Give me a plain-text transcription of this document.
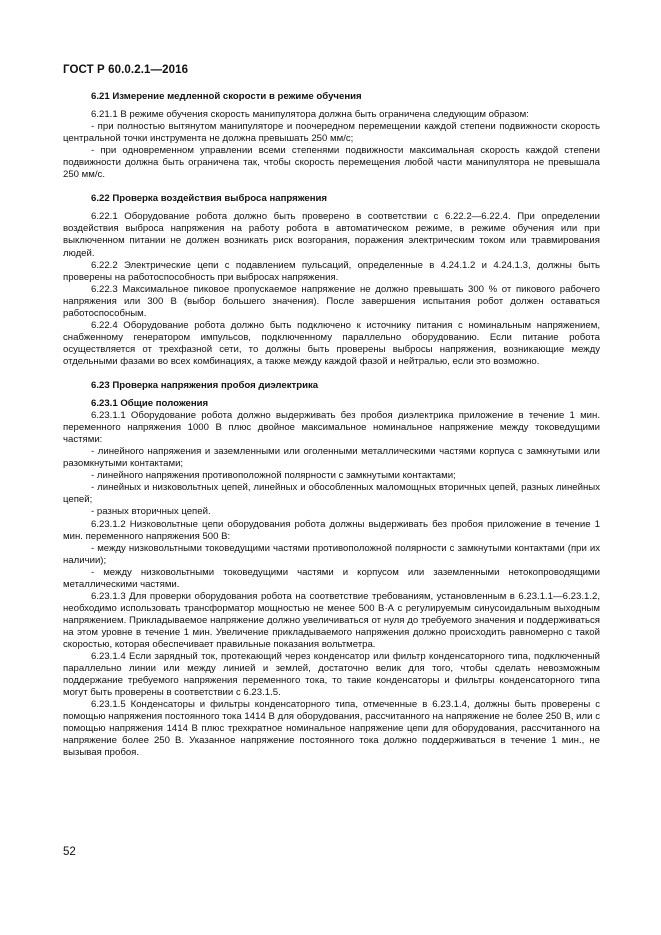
ГОСТ Р 60.0.2.1—2016

6.21 Измерение медленной скорости в режиме обучения

6.21.1 В режиме обучения скорость манипулятора должна быть ограничена следующим образом:

- при полностью вытянутом манипуляторе и поочередном перемещении каждой степени подвижности скорость центральной точки инструмента не должна превышать 250 мм/с;

- при одновременном управлении всеми степенями подвижности максимальная скорость каждой степени подвижности должна быть ограничена так, чтобы скорость перемещения любой части манипулятора не превышала 250 мм/с.

6.22 Проверка воздействия выброса напряжения

6.22.1 Оборудование робота должно быть проверено в соответствии с 6.22.2—6.22.4. При определении воздействия выброса напряжения на работу робота в автоматическом режиме, в режиме обучения или при выключенном питании не должен возникать риск возгорания, поражения электрическим током или травмирования людей.

6.22.2 Электрические цепи с подавлением пульсаций, определенные в 4.24.1.2 и 4.24.1.3, должны быть проверены на работоспособность при выбросах напряжения.

6.22.3 Максимальное пиковое пропускаемое напряжение не должно превышать 300 % от пикового рабочего напряжения или 300 В (выбор большего значения). После завершения испытания робот должен оставаться работоспособным.

6.22.4 Оборудование робота должно быть подключено к источнику питания с номинальным напряжением, снабженному генератором импульсов, подключенному параллельно оборудованию. Если питание робота осуществляется от трехфазной сети, то должны быть проверены выбросы напряжения, возникающие между отдельными фазами во всех комбинациях, а также между каждой фазой и нейтралью, если это возможно.

6.23 Проверка напряжения пробоя диэлектрика

6.23.1 Общие положения

6.23.1.1 Оборудование робота должно выдерживать без пробоя диэлектрика приложение в течение 1 мин. переменного напряжения 1000 В плюс двойное максимальное номинальное напряжение между токоведущими частями:

- линейного напряжения и заземленными или оголенными металлическими частями корпуса с замкнутыми или разомкнутыми контактами;

- линейного напряжения противоположной полярности с замкнутыми контактами;

- линейных и низковольтных цепей, линейных и обособленных маломощных вторичных цепей, разных линейных цепей;

- разных вторичных цепей.

6.23.1.2 Низковольтные цепи оборудования робота должны выдерживать без пробоя приложение в течение 1 мин. переменного напряжения 500 В:

- между низковольтными токоведущими частями противоположной полярности с замкнутыми контактами (при их наличии);

- между низковольтными токоведущими частями и корпусом или заземленными нетокопроводящими металлическими частями.

6.23.1.3 Для проверки оборудования робота на соответствие требованиям, установленным в 6.23.1.1—6.23.1.2, необходимо использовать трансформатор мощностью не менее 500 В·А с регулируемым синусоидальным выходным напряжением. Прикладываемое напряжение должно увеличиваться от нуля до требуемого значения и поддерживаться на этом уровне в течение 1 мин. Увеличение прикладываемого напряжения должно происходить равномерно с такой скоростью, которая обеспечивает правильные показания вольтметра.

6.23.1.4 Если зарядный ток, протекающий через конденсатор или фильтр конденсаторного типа, подключенный параллельно линии или между линией и землей, достаточно велик для того, чтобы сделать невозможным поддержание требуемого напряжения переменного тока, то такие конденсаторы и фильтры конденсаторного типа могут быть проверены в соответствии с 6.23.1.5.

6.23.1.5 Конденсаторы и фильтры конденсаторного типа, отмеченные в 6.23.1.4, должны быть проверены с помощью напряжения постоянного тока 1414 В для оборудования, рассчитанного на напряжение не более 250 В, или с помощью напряжения 1414 В плюс трехкратное номинальное напряжение цепи для оборудования, рассчитанного на напряжение более 250 В. Указанное напряжение постоянного тока должно поддерживаться в течение 1 мин., не вызывая пробоя.

52
